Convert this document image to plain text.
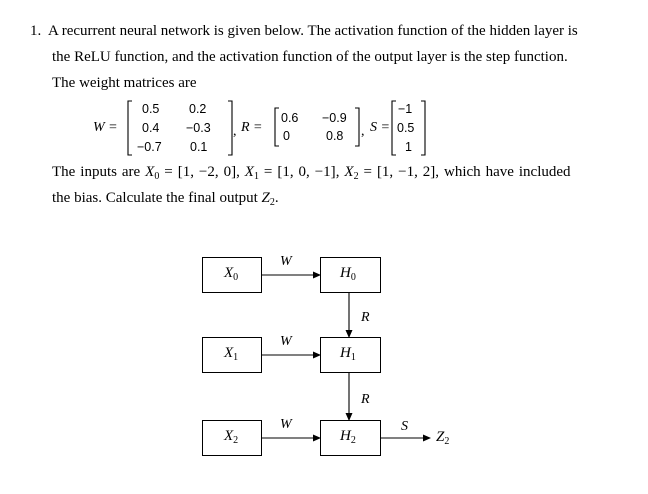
1. A recurrent neural network is given below. The activation function of the hidden layer is
the ReLU function, and the activation function of the output layer is the step function.
The weight matrices are
W =
0.5 0.2
0.4 −0.3
−0.7 0.1
, R =
0.6 −0.9
0	0.8 , S =
−1
0.5
1
The inputs are $X_0 = [1$, −2, 0], $X_1 = [1$, 0, −1], $X_2 = [1$, −1, 2], which have included
the bias. Calculate the final output $Z_2$.
$X_0$
$X_1$
$X_2$
$H_0$
$H_1$
$H_2$
W
W
W
R
R
S
$Z_2$
